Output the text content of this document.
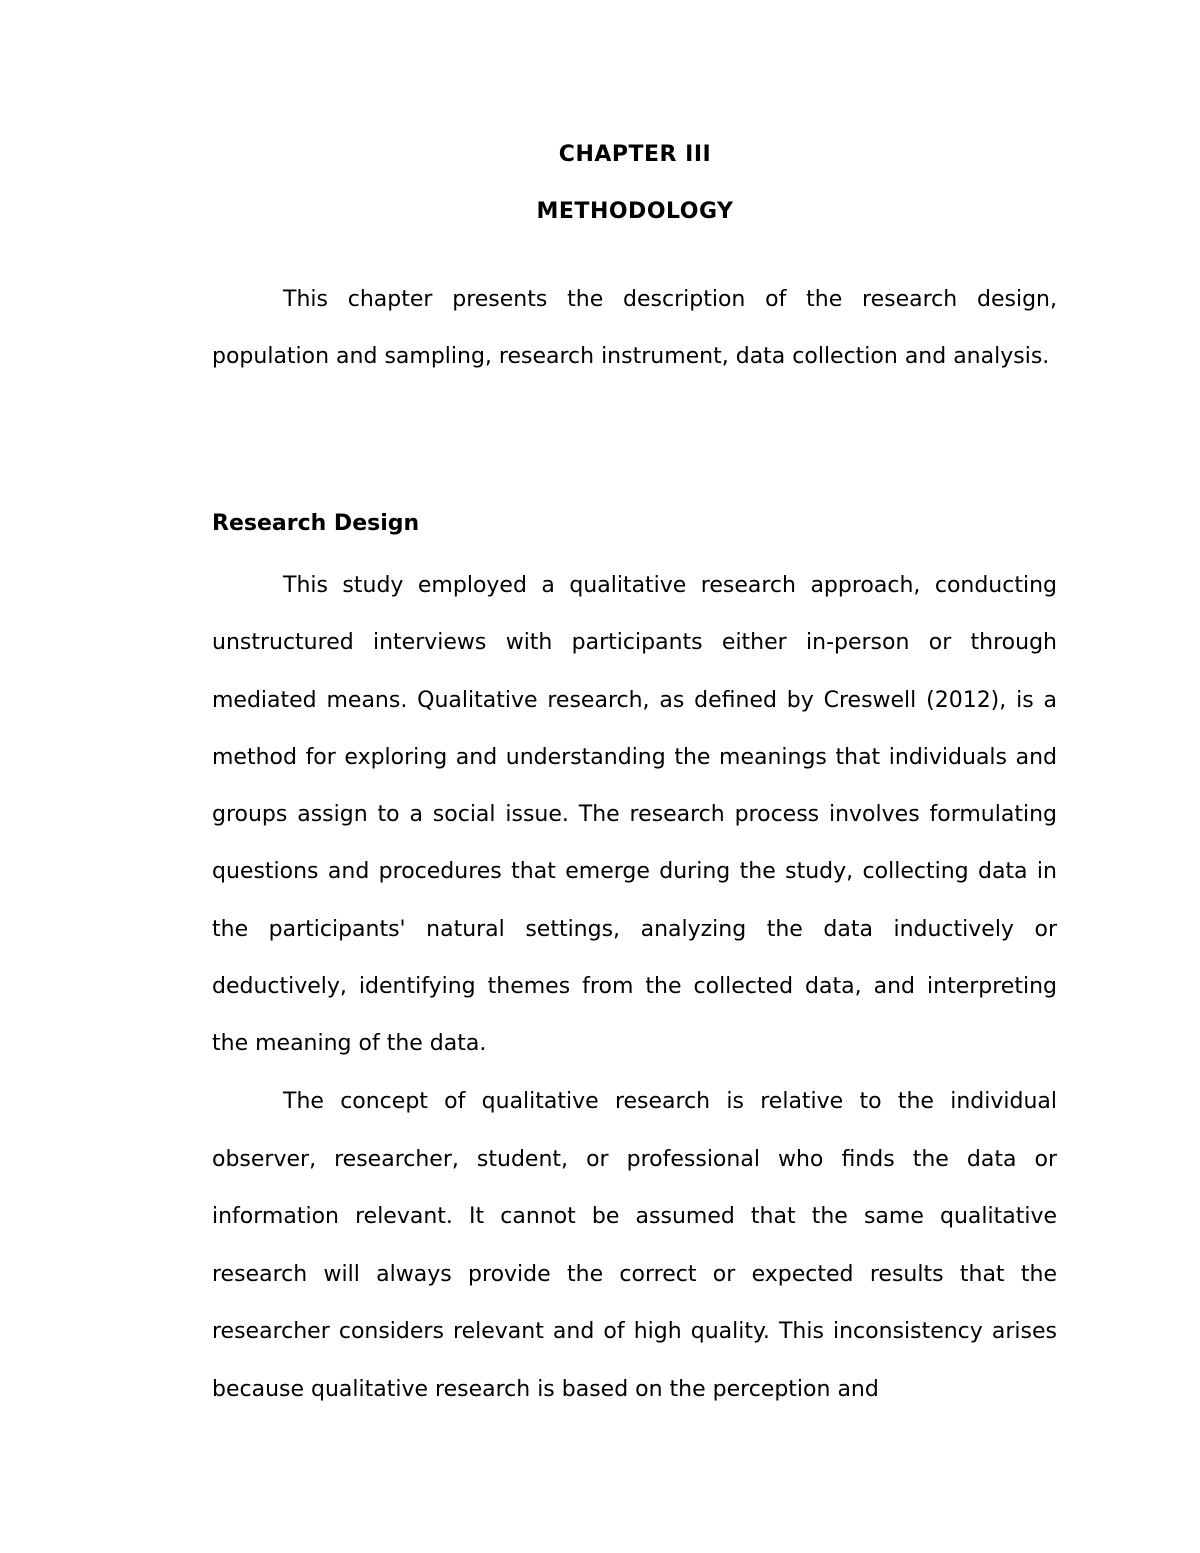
CHAPTER III
METHODOLOGY

This chapter presents the description of the research design, population and sampling, research instrument, data collection and analysis.

Research Design

This study employed a qualitative research approach, conducting unstructured interviews with participants either in-person or through mediated means. Qualitative research, as defined by Creswell (2012), is a method for exploring and understanding the meanings that individuals and groups assign to a social issue. The research process involves formulating questions and procedures that emerge during the study, collecting data in the participants' natural settings, analyzing the data inductively or deductively, identifying themes from the collected data, and interpreting the meaning of the data.

The concept of qualitative research is relative to the individual observer, researcher, student, or professional who finds the data or information relevant. It cannot be assumed that the same qualitative research will always provide the correct or expected results that the researcher considers relevant and of high quality. This inconsistency arises because qualitative research is based on the perception and
